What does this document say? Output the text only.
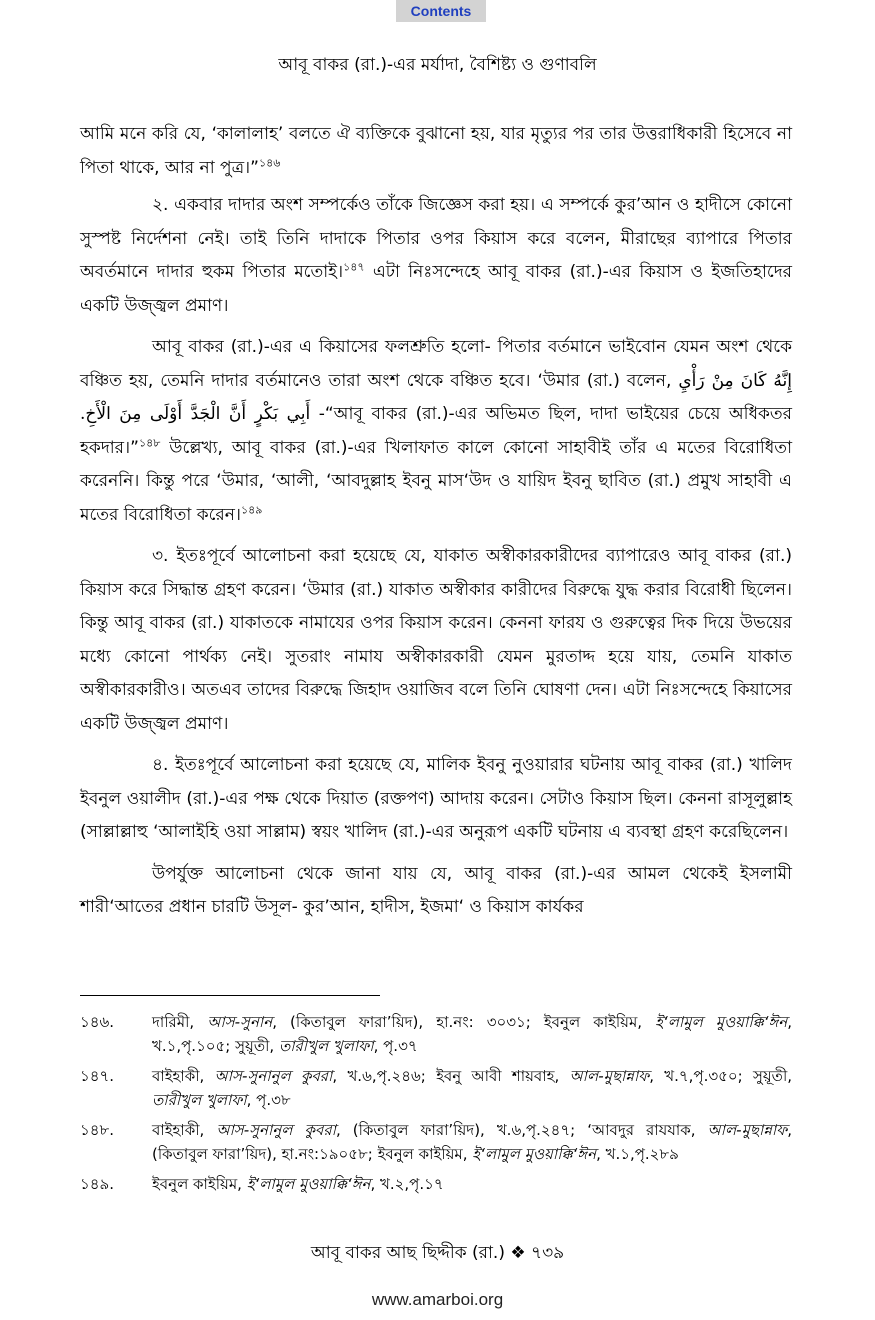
Contents
আবূ বাকর (রা.)-এর মর্যাদা, বৈশিষ্ট্য ও গুণাবলি

আমি মনে করি যে, ‘কালালাহ’ বলতে ঐ ব্যক্তিকে বুঝানো হয়, যার মৃত্যুর পর তার উত্তরাধিকারী হিসেবে না পিতা থাকে, আর না পুত্র।”$^{১৪৬}$

২. একবার দাদার অংশ সম্পর্কেও তাঁকে জিজ্ঞেস করা হয়। এ সম্পর্কে কুর’আন ও হাদীসে কোনো সুস্পষ্ট নির্দেশনা নেই। তাই তিনি দাদাকে পিতার ওপর কিয়াস করে বলেন, মীরাছের ব্যাপারে পিতার অবর্তমানে দাদার হুকম পিতার মতোই।$^{১৪৭}$ এটা নিঃসন্দেহে আবূ বাকর (রা.)-এর কিয়াস ও ইজতিহাদের একটি উজ্জ্বল প্রমাণ।

আবূ বাকর (রা.)-এর এ কিয়াসের ফলশ্রুতি হলো- পিতার বর্তমানে ভাইবোন যেমন অংশ থেকে বঞ্চিত হয়, তেমনি দাদার বর্তমানেও তারা অংশ থেকে বঞ্চিত হবে। ‘উমার (রা.) বলেন, إِنَّهُ كَانَ مِنْ رَأْيِ أَبِي بَكْرٍ أَنَّ الْجَدَّ أَوْلَى مِنَ الْأَخِ. -“আবূ বাকর (রা.)-এর অভিমত ছিল, দাদা ভাইয়ের চেয়ে অধিকতর হকদার।”$^{১৪৮}$ উল্লেখ্য, আবূ বাকর (রা.)-এর খিলাফাত কালে কোনো সাহাবীই তাঁর এ মতের বিরোধিতা করেননি। কিন্তু পরে ‘উমার, ‘আলী, ‘আবদুল্লাহ ইবনু মাস‘উদ ও যায়িদ ইবনু ছাবিত (রা.) প্রমুখ সাহাবী এ মতের বিরোধিতা করেন।$^{১৪৯}$

৩. ইতঃপূর্বে আলোচনা করা হয়েছে যে, যাকাত অস্বীকারকারীদের ব্যাপারেও আবূ বাকর (রা.) কিয়াস করে সিদ্ধান্ত গ্রহণ করেন। ‘উমার (রা.) যাকাত অস্বীকার কারীদের বিরুদ্ধে যুদ্ধ করার বিরোধী ছিলেন। কিন্তু আবূ বাকর (রা.) যাকাতকে নামাযের ওপর কিয়াস করেন। কেননা ফারয ও গুরুত্বের দিক দিয়ে উভয়ের মধ্যে কোনো পার্থক্য নেই। সুতরাং নামায অস্বীকারকারী যেমন মুরতাদ্দ হয়ে যায়, তেমনি যাকাত অস্বীকারকারীও। অতএব তাদের বিরুদ্ধে জিহাদ ওয়াজিব বলে তিনি ঘোষণা দেন। এটা নিঃসন্দেহে কিয়াসের একটি উজ্জ্বল প্রমাণ।

৪. ইতঃপূর্বে আলোচনা করা হয়েছে যে, মালিক ইবনু নুওয়ারার ঘটনায় আবূ বাকর (রা.) খালিদ ইবনুল ওয়ালীদ (রা.)-এর পক্ষ থেকে দিয়াত (রক্তপণ) আদায় করেন। সেটাও কিয়াস ছিল। কেননা রাসূলুল্লাহ (সাল্লাল্লাহু ‘আলাইহি ওয়া সাল্লাম) স্বয়ং খালিদ (রা.)-এর অনুরূপ একটি ঘটনায় এ ব্যবস্থা গ্রহণ করেছিলেন।

উপর্যুক্ত আলোচনা থেকে জানা যায় যে, আবূ বাকর (রা.)-এর আমল থেকেই ইসলামী শারী‘আতের প্রধান চারটি উসূল- কুর’আন, হাদীস, ইজমা‘ ও কিয়াস কার্যকর

১৪৬.	দারিমী, আস-সুনান, (কিতাবুল ফারা’য়িদ), হা.নং: ৩০৩১; ইবনুল কাইয়িম, ই‘লামুল মুওয়াক্কি‘ঈন, খ.১,পৃ.১০৫; সুয়ূতী, তারীখুল খুলাফা, পৃ.৩৭
১৪৭.	বাইহাকী, আস-সুনানুল কুবরা, খ.৬,পৃ.২৪৬; ইবনু আবী শায়বাহ, আল-মুছান্নাফ, খ.৭,পৃ.৩৫০; সুয়ূতী, তারীখুল খুলাফা, পৃ.৩৮
১৪৮.	বাইহাকী, আস-সুনানুল কুবরা, (কিতাবুল ফারা’য়িদ), খ.৬,পৃ.২৪৭; ‘আবদুর রাযযাক, আল-মুছান্নাফ, (কিতাবুল ফারা’য়িদ), হা.নং:১৯০৫৮; ইবনুল কাইয়িম, ই‘লামুল মুওয়াক্কি‘ঈন, খ.১,পৃ.২৮৯
১৪৯.	ইবনুল কাইয়িম, ই‘লামুল মুওয়াক্কি‘ঈন, খ.২,পৃ.১৭
আবূ বাকর আছ ছিদ্দীক (রা.) ❖ ৭৩৯
www.amarboi.org
